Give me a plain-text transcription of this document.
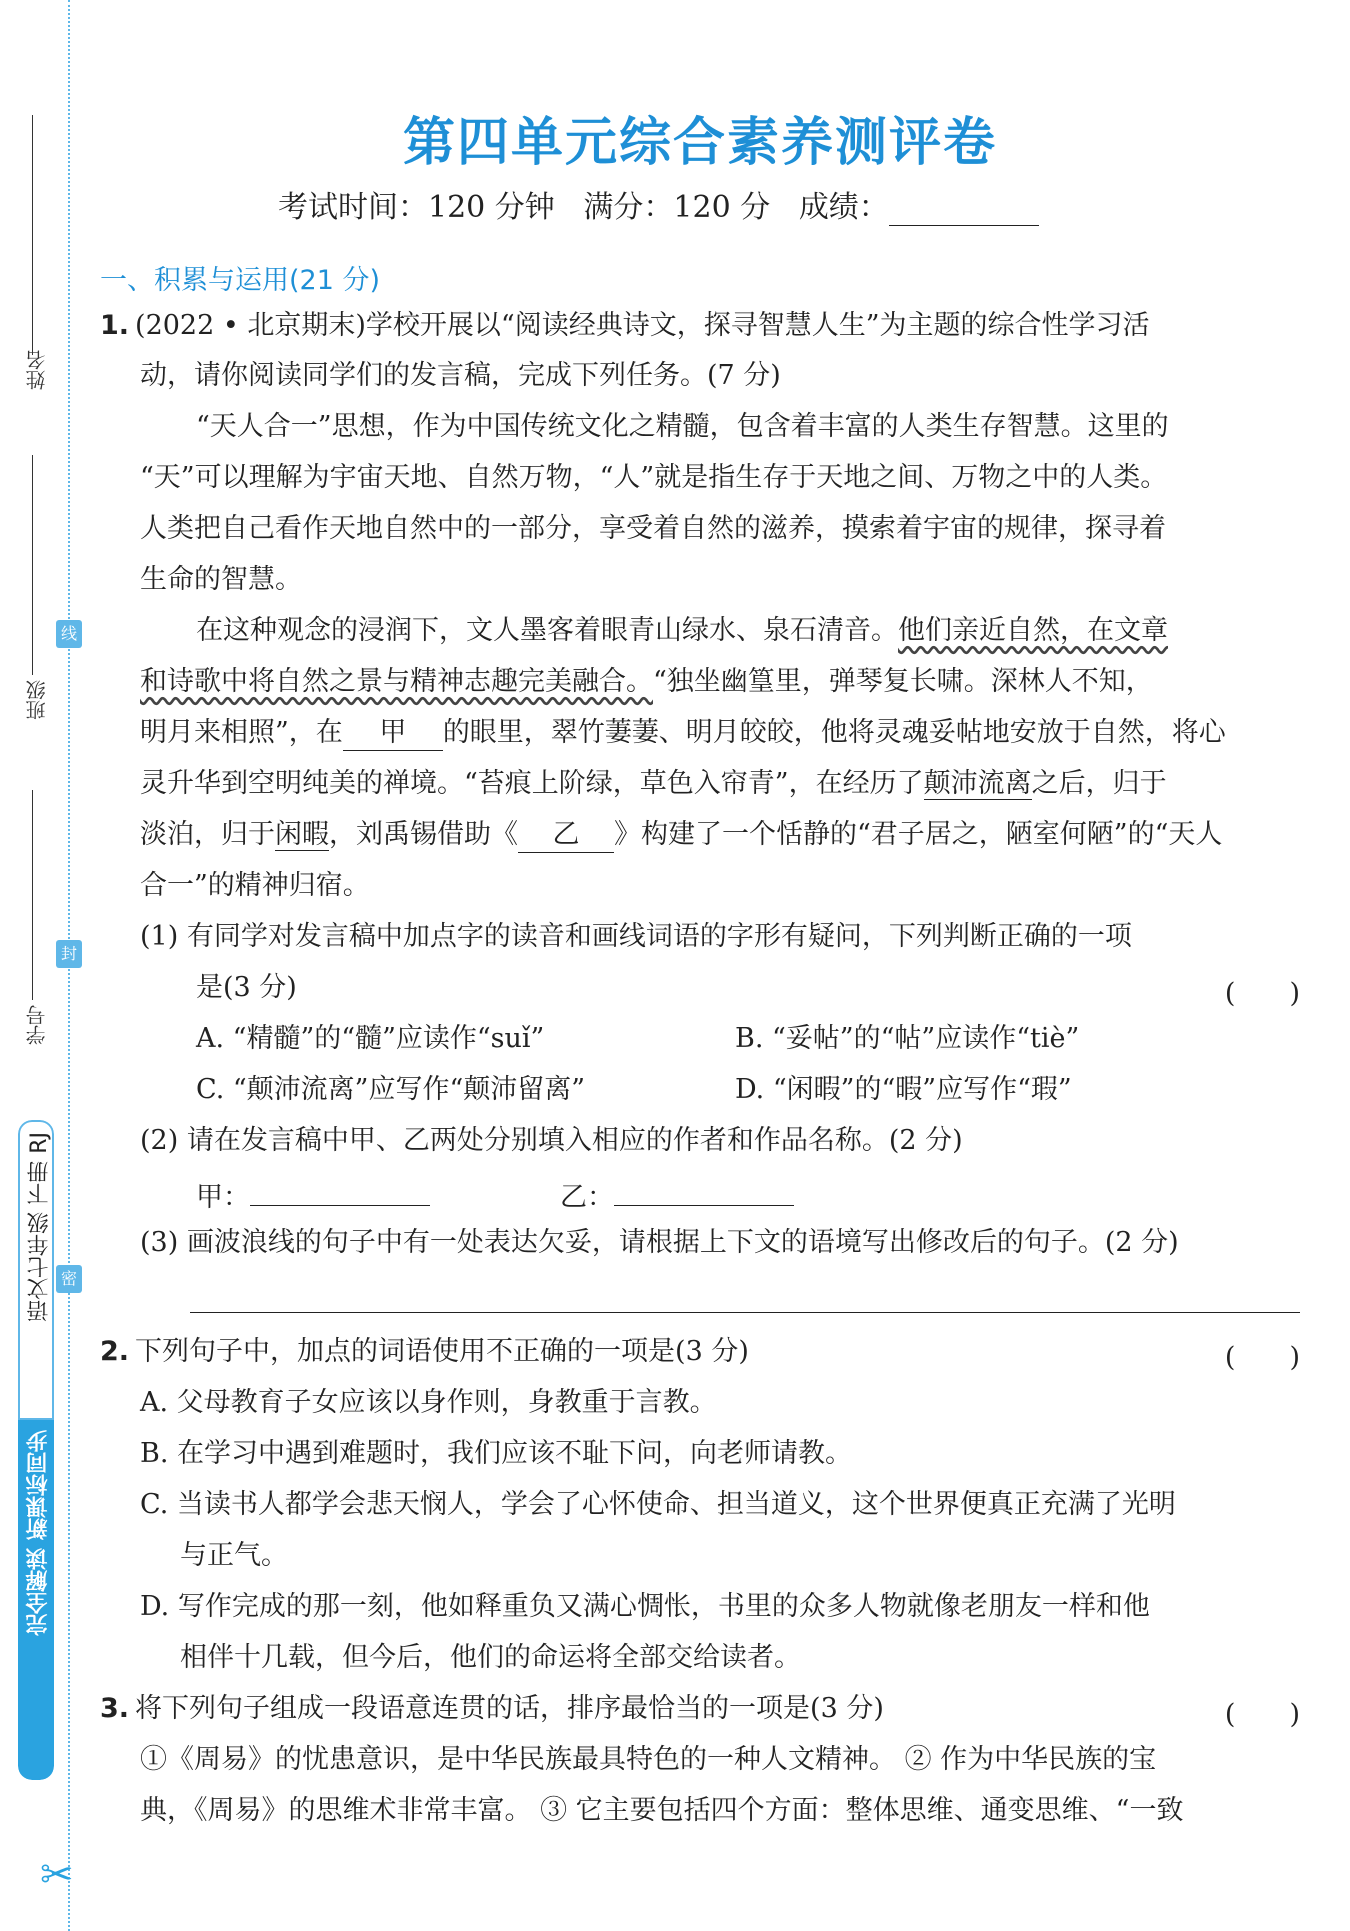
姓名
班级
学号
线
封
密
语文七年级 下册 RJ
完全解读 新课标同步
✂
第四单元综合素养测评卷
考试时间：120 分钟 满分：120 分 成绩：
一、积累与运用(21 分)
1. (2022 • 北京期末)学校开展以“阅读经典诗文，探寻智慧人生”为主题的综合性学习活
动，请你阅读同学们的发言稿，完成下列任务。(7 分)
“天人合一”思想，作为中国传统文化之精髓，包含着丰富的人类生存智慧。这里的
“天”可以理解为宇宙天地、自然万物，“人”就是指生存于天地之间、万物之中的人类。
人类把自己看作天地自然中的一部分，享受着自然的滋养，摸索着宇宙的规律，探寻着
生命的智慧。
在这种观念的浸润下，文人墨客着眼青山绿水、泉石清音。他们亲近自然，在文章
和诗歌中将自然之景与精神志趣完美融合。“独坐幽篁里，弹琴复长啸。深林人不知，
明月来相照”，在 甲 的眼里，翠竹萋萋、明月皎皎，他将灵魂妥帖地安放于自然，将心
灵升华到空明纯美的禅境。“苔痕上阶绿，草色入帘青”，在经历了颠沛流离之后，归于
淡泊，归于闲暇，刘禹锡借助《 乙 》构建了一个恬静的“君子居之，陋室何陋”的“天人
合一”的精神归宿。
(1) 有同学对发言稿中加点字的读音和画线词语的字形有疑问，下列判断正确的一项
是(3 分)	(　　)
A. “精髓”的“髓”应读作“suǐ”	B. “妥帖”的“帖”应读作“tiè”
C. “颠沛流离”应写作“颠沛留离”	D. “闲暇”的“暇”应写作“瑕”
(2) 请在发言稿中甲、乙两处分别填入相应的作者和作品名称。(2 分)
甲：	乙：
(3) 画波浪线的句子中有一处表达欠妥，请根据上下文的语境写出修改后的句子。(2 分)
2. 下列句子中，加点的词语使用不正确的一项是(3 分)	(　　)
A. 父母教育子女应该以身作则，身教重于言教。
B. 在学习中遇到难题时，我们应该不耻下问，向老师请教。
C. 当读书人都学会悲天悯人，学会了心怀使命、担当道义，这个世界便真正充满了光明
与正气。
D. 写作完成的那一刻，他如释重负又满心惆怅，书里的众多人物就像老朋友一样和他
相伴十几载，但今后，他们的命运将全部交给读者。
3. 将下列句子组成一段语意连贯的话，排序最恰当的一项是(3 分)	(　　)
①《周易》的忧患意识，是中华民族最具特色的一种人文精神。 ② 作为中华民族的宝
典，《周易》的思维术非常丰富。 ③ 它主要包括四个方面：整体思维、通变思维、“一致
